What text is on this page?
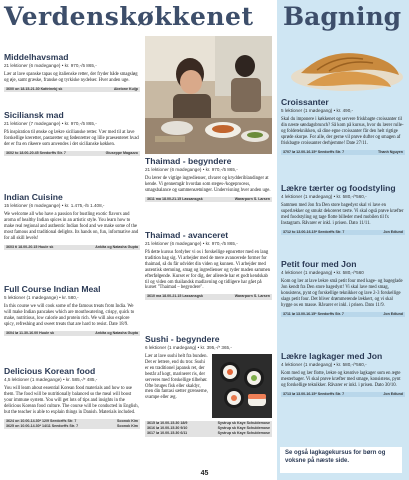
Verdenskøkkenet	Bagning
Middelhavsmad
21 lektioner (6 mødegange) • kr. 970,-/5 865,-
Lær at lave spanske tapas og italienske retter, der fryder både smagsløg og øje, samt græske, franske og tyrkiske nydelser. Hver anden uge.
3600 on 18.15-21.30 Kattrinebj sk	Abelone Kuijp
Siciliansk mad
21 lektioner (7 mødegange) • kr. 970,-/5 865,-
På inspiration til ønske og lækre sicilianske retter. Vær med til at lave forskellige kreretter, pastaretter og fødenretter og lille praesenteret hvad der er fra en rikeere som anvendes i det sicilianske køkken.
3602 to 18.00-20.45 Seedorffs Str. 7	Giuseppe Magazzo
Indian Cuisine
15 lektioner (6 mødegange) • kr. 1.475,-/5 1.408,-
We welcome all who have a passion for bustling exotic flavors and aroma of healthy Indian spices in an artistic style. You learn how to make real regional and authentic Indian food and we make some of the most famous and traditional delights. Its hands on, fun, informative and for all skill levels!
3603 ti 18.00-20.15 Huule sk	Ankita og Natasha Gupta
Full Course Indian Meal
5 lektioner (1 mødegange) • kr. 580,-
In this course we will cook some of the famous treats from India. We will make Indian pancakes which are mouthwatering, crispy, quick to make, nutritious, low calorie and protein rich. We will also explore spicy, refreshing and sweet treats that are hard to resist. Date 18/9.
3604 lø 11.30-16.00 Huule sk	Ankita og Natasha Gupta
Delicious Korean food
4,5 lektioner (1 mødegange) • kr. 585,-/* 485,-
You will learn about essential Korean food materials and how to use them. The food will be nutritionally balanced so the meal will boost your immune system. You will get lots of tips and insights in the delicious Korean food culture. The course will be conducted in English, but the teacher is able to explain things in Danish. Materials included.
3624 on 10.00-14.30* 12/9 Seedorffs Str. 7	Soonok Kim
3625 on 10.00-14.30* 14/11 Seedorffs Str. 7	Soonok Kim
Thaimad - begyndere
21 lektioner (6 mødegange) • kr. 970,-/5 865,-
Du lærer de vigtige ingredienser, råvarer og krydderiblandinger at kende. Vi gennemgår hvordan som steges-/kogeprocess, smagsbalance og sammensætninger. Undervisning hver anden uge.
3611 ma 18.00-21.15 Lassansgsk	Wararporn S. Larsen
Thaimad - avanceret
21 lektioner (6 mødegange) • kr. 970,-/5 865,-
På dette kursus fordyber vi os i forskellige egnsretter med en lang tradition bag sig. Vi arbejder med de mere avancerede former for thaimad, så du får udvidet din viden og kunnen. Vi arbejder med autentisk stemning, smag og ingredienser og ryder maden sammen efterfølgende. Kurset er for dig, der allerede har et godt kendskab til og viden om thailandsk madlavning og tidligere har gået på kurset "Thaimad – begyndere".
3610 ma 18.00-21.15 Lassansgsk	Wararporn S. Larsen
Sushi - begyndere
6 lektioner (1 mødegang) • kr. 395,-/* 365,-
Lær at lave sushi helt fra bunden. Det er lettere, end du tror. Sushi er en traditionel japansk ret, der består af kogt, marineret ris, der serveres med forskellige tilbehør. Ofte bruges fisk eller skaldyr, men din fantasi sætter grænserne, svampe eller æg.
3615 lø 10.00-15.30 18/9	Systrup sk Kaye Schuldemose
3616 lø 10.00-15.30 9/10	Systrup sk Kaye Schuldemose
3617 lø 10.00-15.30 6/11	Systrup sk Kaye Schuldemose
Croissanter
5 lektioner (1 mødegang) • kr. 490,-
Skal du imponere i køkkenet og servere friskbagte croissanter til din næste søndagsbrunch? Så kom på kursus, hvor du lærer rulle- og foldeteknikken, så dine egne croissanter får den helt rigtige sprøde skorpe. For alle, der gerne vil prøve dufter og smagen af friskbagte croissanter derhjemme! Date 27/11.
3707 lø 12.00-16.15* Seedorffs Str. 7	Thanh Nguyen
Lækre tærter og foodstyling
4 lektioner (1 mødegang) • kr. 580,-/*560,-
Sammen med Jon fra Den store bagedyst skal vi lave en superlækker og smukt dekoreret tærte. Vi skal også prøve kræfter med foodstyling og tage flotte billeder med mobilen til fx Instagram. Råvarer er inkl. i prisen. Dato 11/11.
3712 to 13.00-16.15* Seedorffs Str. 7	Jon Edlund
Petit four med Jon
4 lektioner (1 mødegang) • kr. 580,-/*560
Kom og lær at lave lækre små petit four med kage- og bagegladе Jon kendt fra Den store bagedyst! Vi skal lave med smag, konsistens, pynt og forskellige teknikker og lave 2-3 forskellige slags petit four. Det bliver drømmerende lækkert, og vi skal hygge os en masse. Råvarer er inkl. i prisen. Dato 11/9.
3711 lø 13.00-16.15* Seedorffs Str. 7	Jon Edlund
Lækre lagkager med Jon
4 lektioner (1 mødegang) • kr. 580,-/*560,-
Kom med og lær flotte, lækre og kreative lagkager som en ægte mesterbager. Vi skal prøve kræfter med smage, konsistens, pynt og forskellige teknikker. Råvarer er inkl. i prisen. Dato 30/10.
3713 lø 13.00-16.15* Seedorffs Str. 7	Jon Edlund

Se også lagkagekursus for børn og voksne på næste side.

45
